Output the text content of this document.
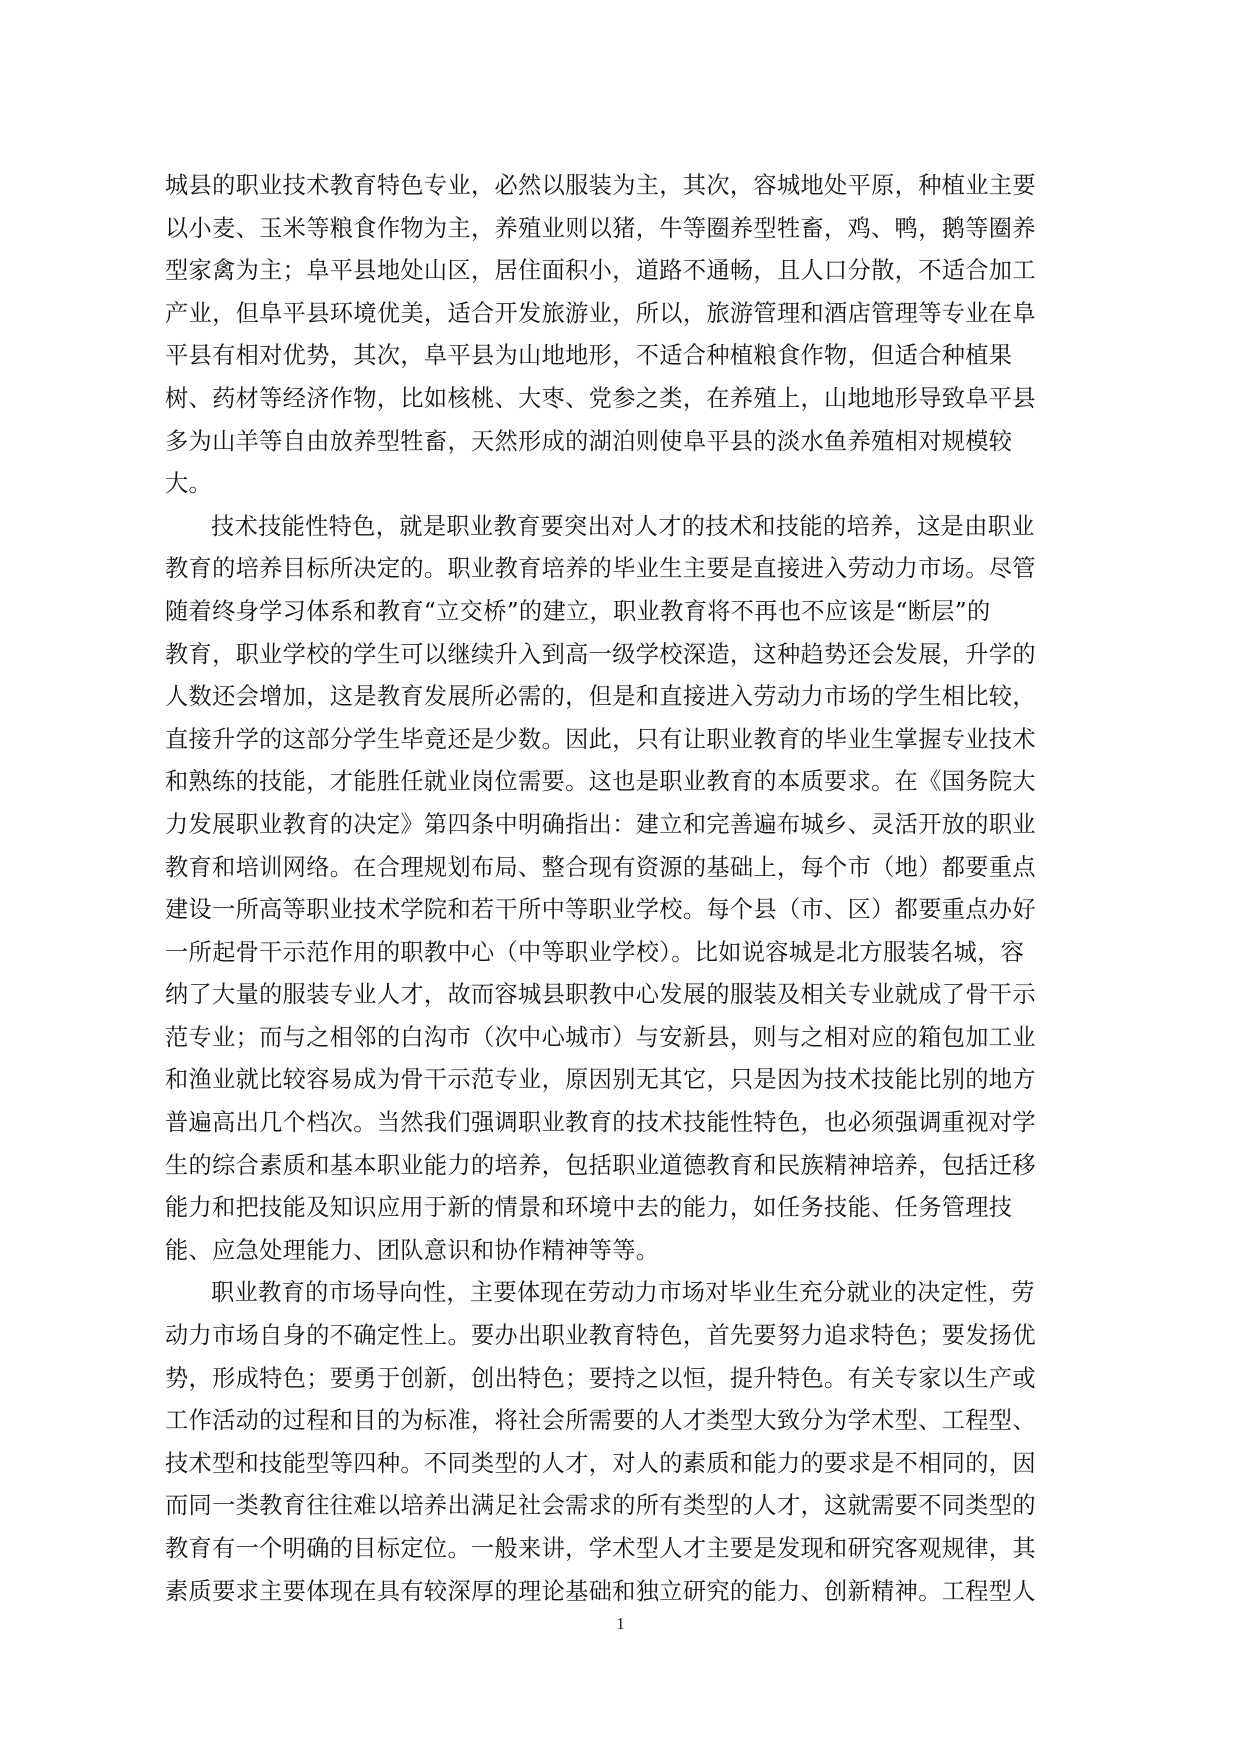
城县的职业技术教育特色专业，必然以服装为主，其次，容城地处平原，种植业主要
以小麦、玉米等粮食作物为主，养殖业则以猪，牛等圈养型牲畜，鸡、鸭，鹅等圈养
型家禽为主；阜平县地处山区，居住面积小，道路不通畅，且人口分散，不适合加工
产业，但阜平县环境优美，适合开发旅游业，所以，旅游管理和酒店管理等专业在阜
平县有相对优势，其次，阜平县为山地地形，不适合种植粮食作物，但适合种植果
树、药材等经济作物，比如核桃、大枣、党参之类，在养殖上，山地地形导致阜平县
多为山羊等自由放养型牲畜，天然形成的湖泊则使阜平县的淡水鱼养殖相对规模较
大。
技术技能性特色，就是职业教育要突出对人才的技术和技能的培养，这是由职业
教育的培养目标所决定的。职业教育培养的毕业生主要是直接进入劳动力市场。尽管
随着终身学习体系和教育“立交桥”的建立，职业教育将不再也不应该是“断层”的
教育，职业学校的学生可以继续升入到高一级学校深造，这种趋势还会发展，升学的
人数还会增加，这是教育发展所必需的，但是和直接进入劳动力市场的学生相比较，
直接升学的这部分学生毕竟还是少数。因此，只有让职业教育的毕业生掌握专业技术
和熟练的技能，才能胜任就业岗位需要。这也是职业教育的本质要求。在《国务院大
力发展职业教育的决定》第四条中明确指出：建立和完善遍布城乡、灵活开放的职业
教育和培训网络。在合理规划布局、整合现有资源的基础上，每个市（地）都要重点
建设一所高等职业技术学院和若干所中等职业学校。每个县（市、区）都要重点办好
一所起骨干示范作用的职教中心（中等职业学校）。比如说容城是北方服装名城，容
纳了大量的服装专业人才，故而容城县职教中心发展的服装及相关专业就成了骨干示
范专业；而与之相邻的白沟市（次中心城市）与安新县，则与之相对应的箱包加工业
和渔业就比较容易成为骨干示范专业，原因别无其它，只是因为技术技能比别的地方
普遍高出几个档次。当然我们强调职业教育的技术技能性特色，也必须强调重视对学
生的综合素质和基本职业能力的培养，包括职业道德教育和民族精神培养，包括迁移
能力和把技能及知识应用于新的情景和环境中去的能力，如任务技能、任务管理技
能、应急处理能力、团队意识和协作精神等等。
职业教育的市场导向性，主要体现在劳动力市场对毕业生充分就业的决定性，劳
动力市场自身的不确定性上。要办出职业教育特色，首先要努力追求特色；要发扬优
势，形成特色；要勇于创新，创出特色；要持之以恒，提升特色。有关专家以生产或
工作活动的过程和目的为标准，将社会所需要的人才类型大致分为学术型、工程型、
技术型和技能型等四种。不同类型的人才，对人的素质和能力的要求是不相同的，因
而同一类教育往往难以培养出满足社会需求的所有类型的人才，这就需要不同类型的
教育有一个明确的目标定位。一般来讲，学术型人才主要是发现和研究客观规律，其
素质要求主要体现在具有较深厚的理论基础和独立研究的能力、创新精神。工程型人
1
